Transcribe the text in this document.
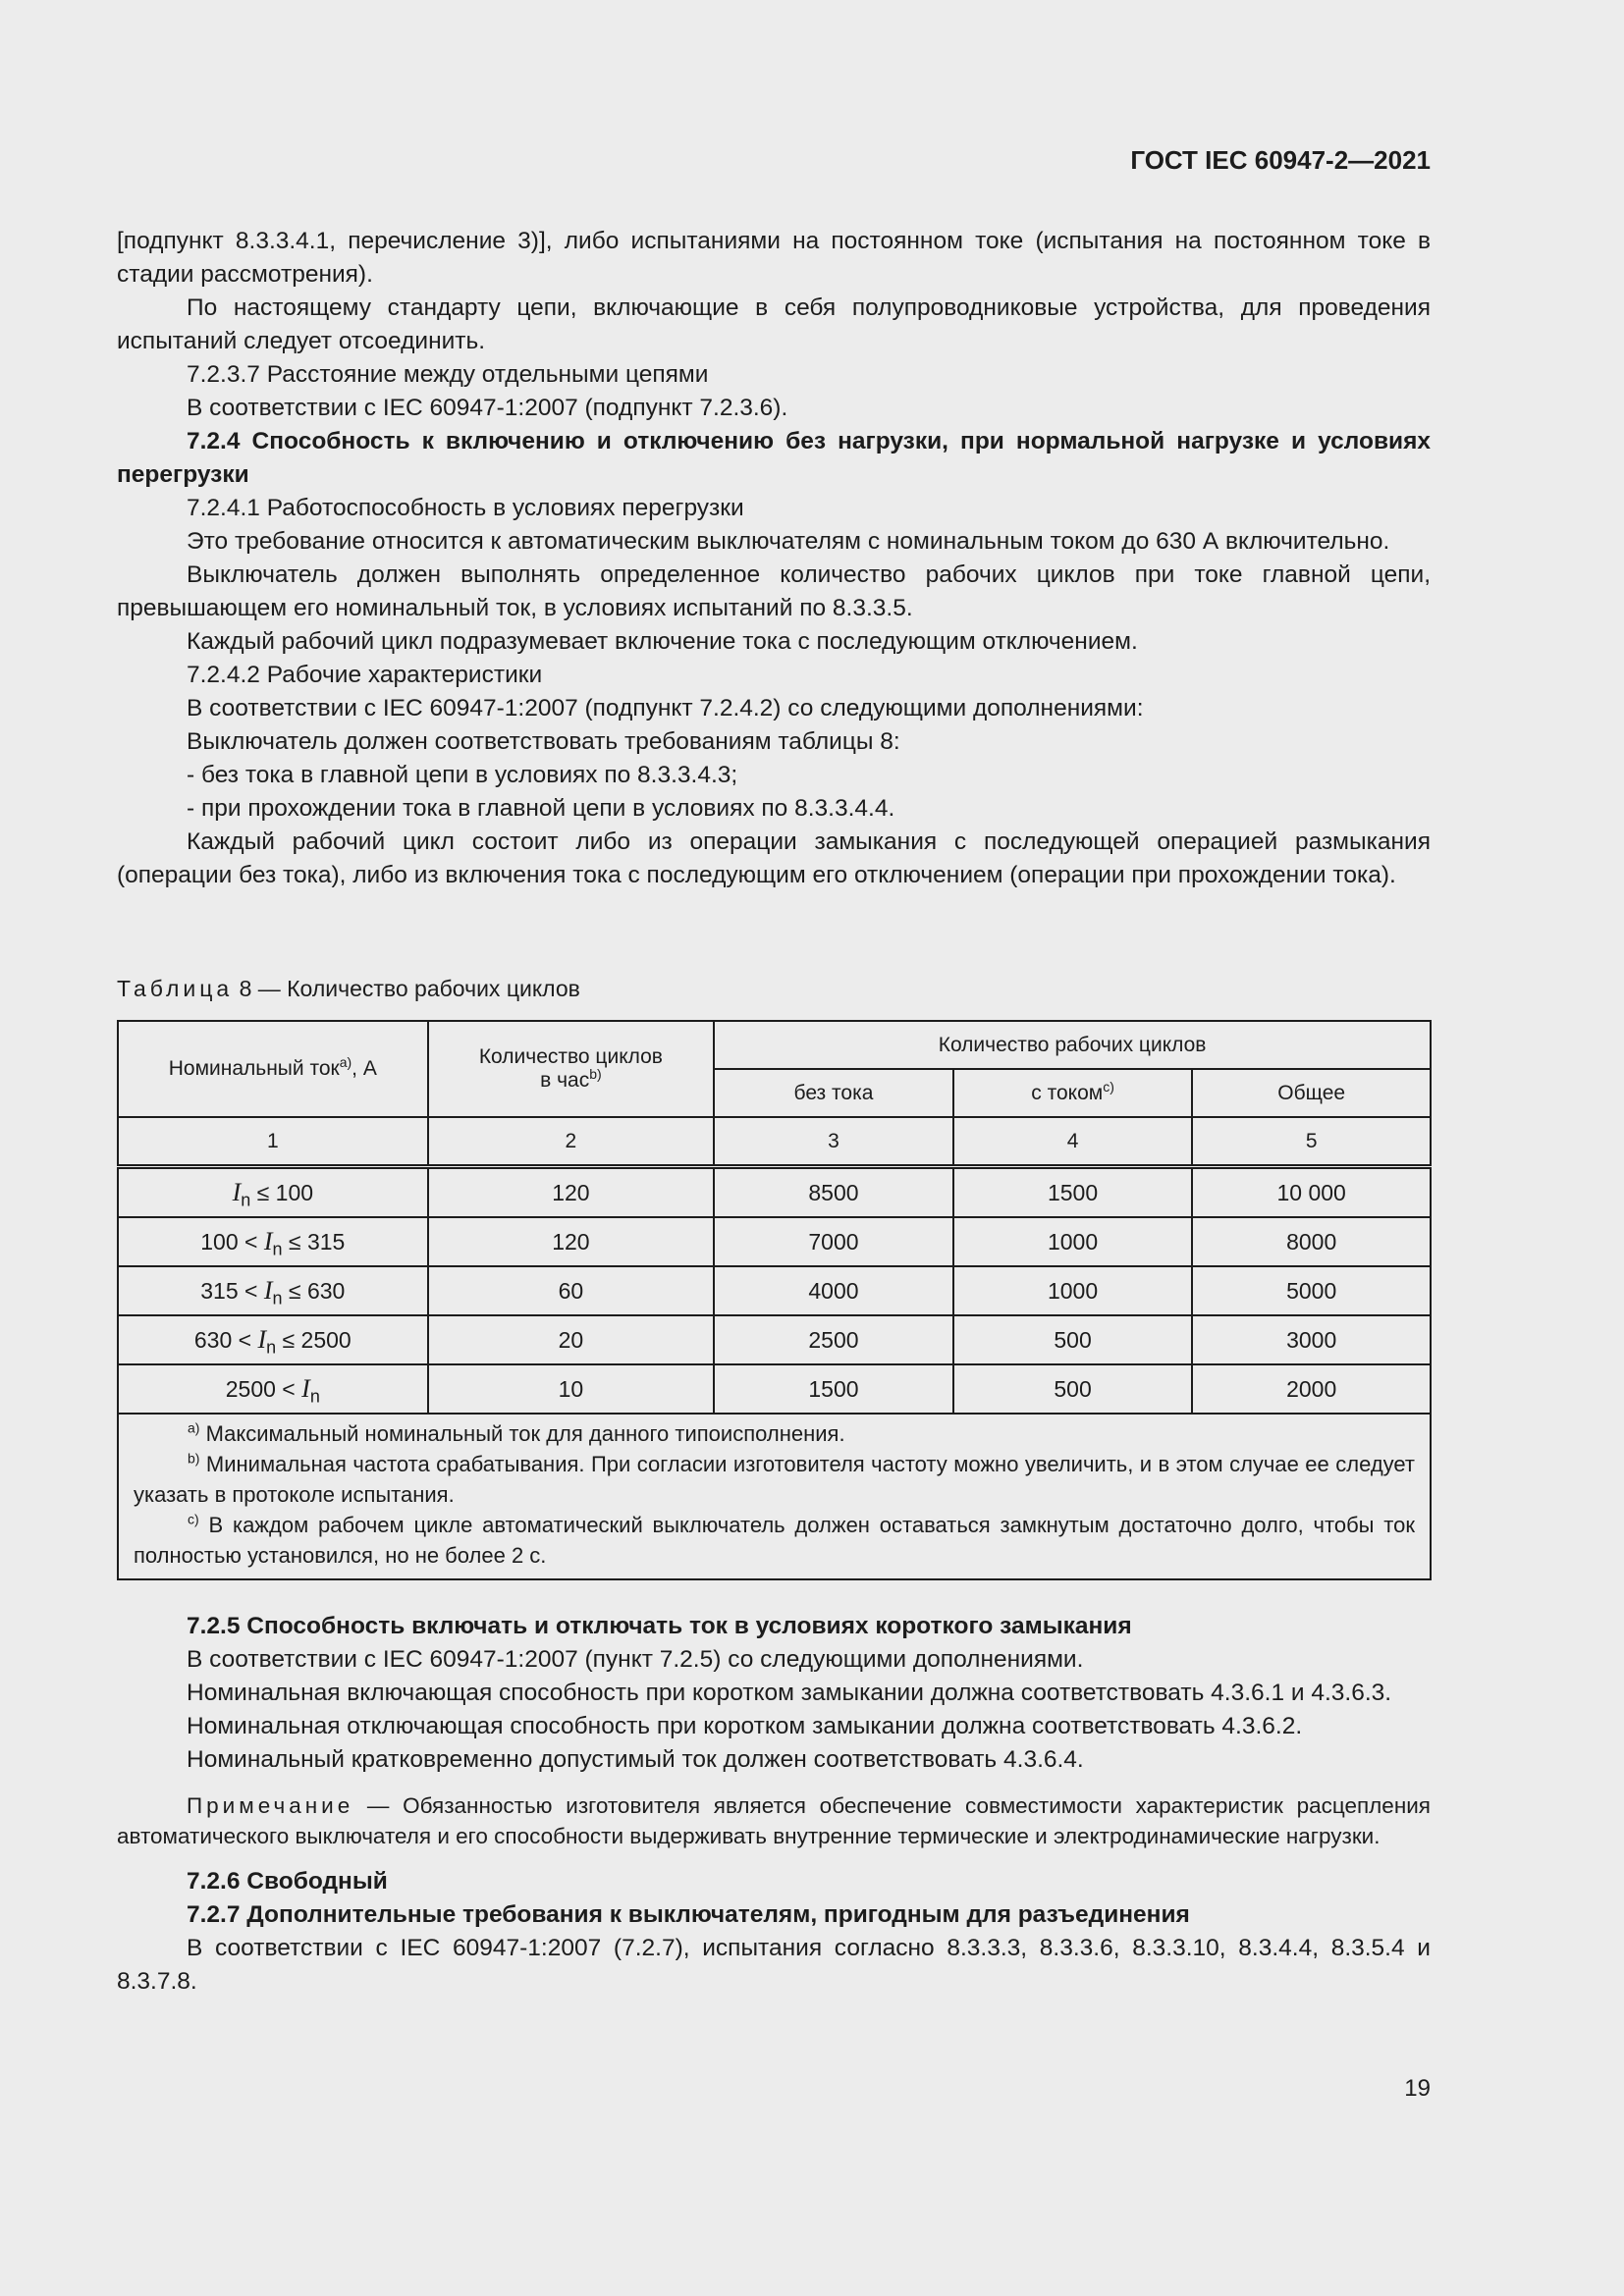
ГОСТ IEC 60947-2—2021

[подпункт 8.3.3.4.1, перечисление 3)], либо испытаниями на постоянном токе (испытания на постоянном токе в стадии рассмотрения).

По настоящему стандарту цепи, включающие в себя полупроводниковые устройства, для проведения испытаний следует отсоединить.

7.2.3.7 Расстояние между отдельными цепями

В соответствии с IEC 60947-1:2007 (подпункт 7.2.3.6).

7.2.4 Способность к включению и отключению без нагрузки, при нормальной нагрузке и условиях перегрузки

7.2.4.1 Работоспособность в условиях перегрузки

Это требование относится к автоматическим выключателям с номинальным током до 630 А включительно.

Выключатель должен выполнять определенное количество рабочих циклов при токе главной цепи, превышающем его номинальный ток, в условиях испытаний по 8.3.3.5.

Каждый рабочий цикл подразумевает включение тока с последующим отключением.

7.2.4.2 Рабочие характеристики

В соответствии с IEC 60947-1:2007 (подпункт 7.2.4.2) со следующими дополнениями:

Выключатель должен соответствовать требованиям таблицы 8:

- без тока в главной цепи в условиях по 8.3.3.4.3;

- при прохождении тока в главной цепи в условиях по 8.3.3.4.4.

Каждый рабочий цикл состоит либо из операции замыкания с последующей операцией размыкания (операции без тока), либо из включения тока с последующим его отключением (операции при прохождении тока).

Таблица 8 — Количество рабочих циклов
Номинальный ток$^{a)}$, А	Количество циклов
в час$^{b)}$	Количество рабочих циклов		
		без тока	с током$^{c)}$	Общее
1	2	3	4	5
$I_n \le 100$	120	8500	1500	10 000
$100 < I_n \le 315$	120	7000	1000	8000
$315 < I_n \le 630$	60	4000	1000	5000
$630 < I_n \le 2500$	20	2500	500	3000
$2500 < I_n$	10	1500	500	2000

$^{a)}$ Максимальный номинальный ток для данного типоисполнения.

$^{b)}$ Минимальная частота срабатывания. При согласии изготовителя частоту можно увеличить, и в этом случае ее следует указать в протоколе испытания.

$^{c)}$ В каждом рабочем цикле автоматический выключатель должен оставаться замкнутым достаточно долго, чтобы ток полностью установился, но не более 2 с.				

7.2.5 Способность включать и отключать ток в условиях короткого замыкания

В соответствии с IEC 60947-1:2007 (пункт 7.2.5) со следующими дополнениями.

Номинальная включающая способность при коротком замыкании должна соответствовать 4.3.6.1 и 4.3.6.3.

Номинальная отключающая способность при коротком замыкании должна соответствовать 4.3.6.2.

Номинальный кратковременно допустимый ток должен соответствовать 4.3.6.4.

Примечание — Обязанностью изготовителя является обеспечение совместимости характеристик расцепления автоматического выключателя и его способности выдерживать внутренние термические и электродинамические нагрузки.

7.2.6 Свободный

7.2.7 Дополнительные требования к выключателям, пригодным для разъединения

В соответствии с IEC 60947-1:2007 (7.2.7), испытания согласно 8.3.3.3, 8.3.3.6, 8.3.3.10, 8.3.4.4, 8.3.5.4 и 8.3.7.8.

19
